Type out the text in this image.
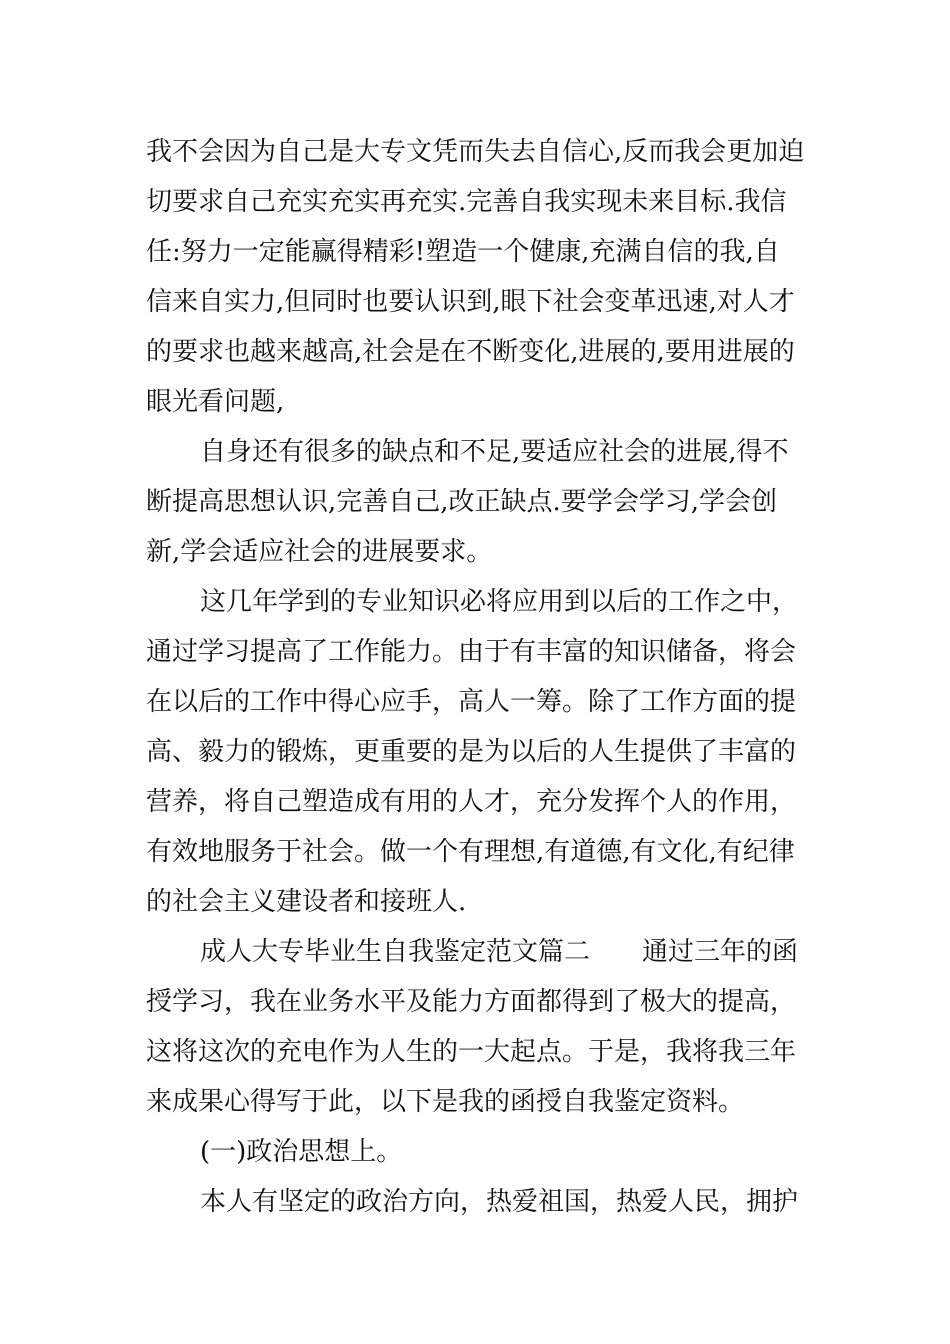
我不会因为自己是大专文凭而失去自信心,反而我会更加迫
切要求自己充实充实再充实.完善自我实现未来目标.我信
任:努力一定能赢得精彩!塑造一个健康,充满自信的我,自
信来自实力,但同时也要认识到,眼下社会变革迅速,对人才
的要求也越来越高,社会是在不断变化,进展的,要用进展的
眼光看问题,
自身还有很多的缺点和不足,要适应社会的进展,得不
断提高思想认识,完善自己,改正缺点.要学会学习,学会创
新,学会适应社会的进展要求。
这几年学到的专业知识必将应用到以后的工作之中，
通过学习提高了工作能力。由于有丰富的知识储备，将会
在以后的工作中得心应手，高人一筹。除了工作方面的提
高、毅力的锻炼，更重要的是为以后的人生提供了丰富的
营养，将自己塑造成有用的人才，充分发挥个人的作用，
有效地服务于社会。做一个有理想,有道德,有文化,有纪律
的社会主义建设者和接班人.
成人大专毕业生自我鉴定范文篇二　　通过三年的函
授学习，我在业务水平及能力方面都得到了极大的提高，
这将这次的充电作为人生的一大起点。于是，我将我三年
来成果心得写于此，以下是我的函授自我鉴定资料。
(一)政治思想上。
本人有坚定的政治方向，热爱祖国，热爱人民，拥护
